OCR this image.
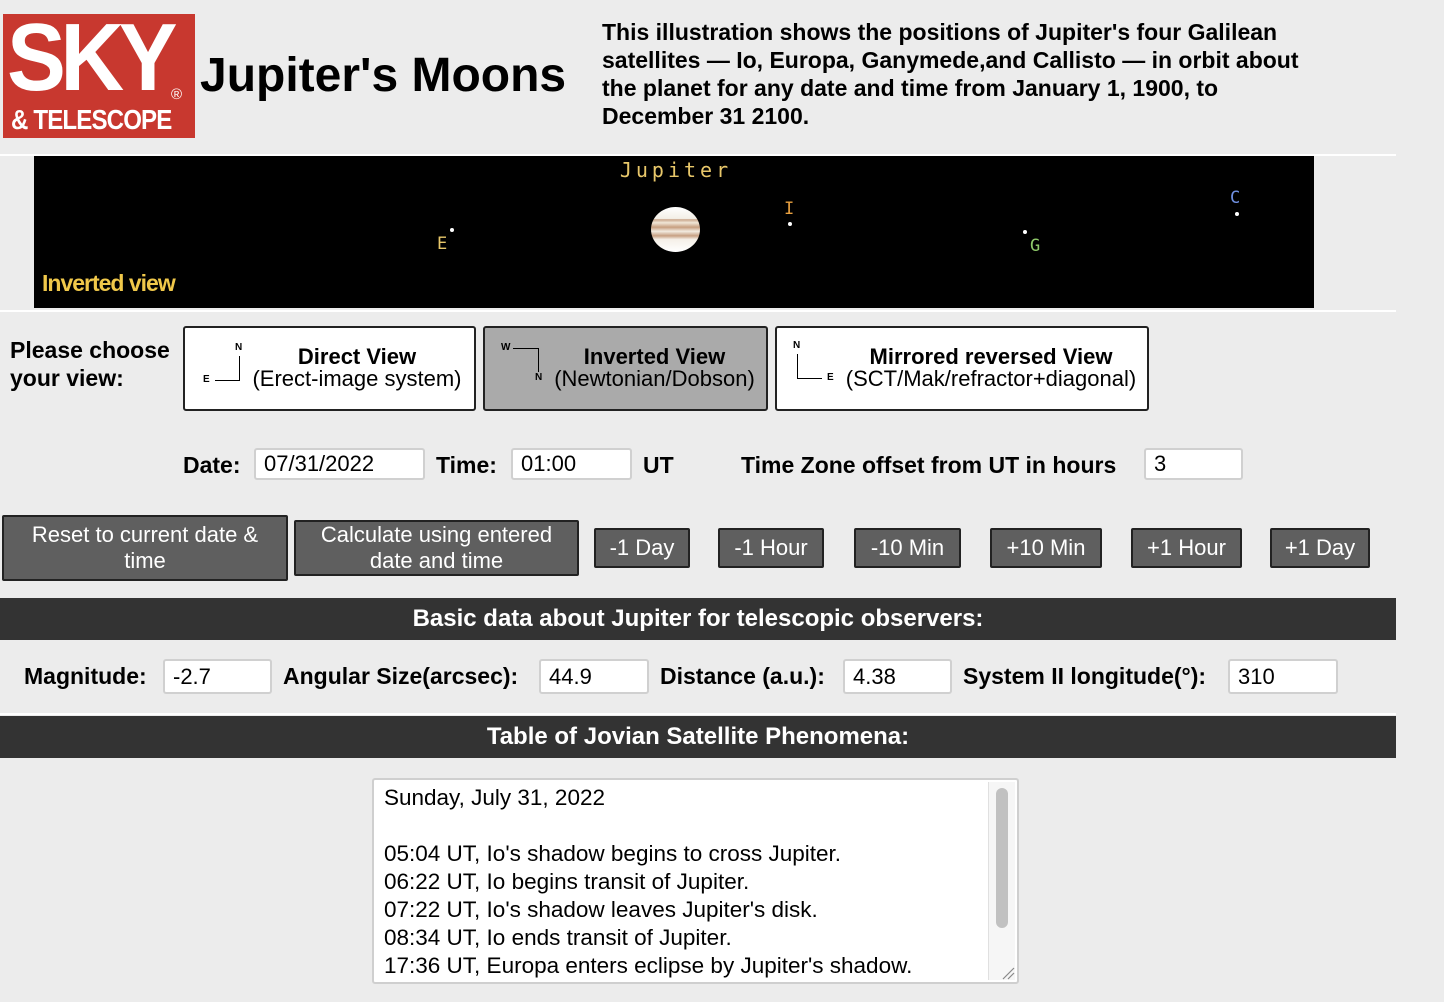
SKY
®
& TELESCOPE
Jupiter's Moons
This illustration shows the positions of Jupiter's four Galilean satellites — Io, Europa, Ganymede,and Callisto — in orbit about the planet for any date and time from January 1, 1900, to December 31 2100.
Jupiter
E
I
G
C
Inverted view
Please choose
your view:
N
E
Direct View
(Erect-image system)
W
N
Inverted View
(Newtonian/Dobson)
N
E
Mirrored reversed View
(SCT/Mak/refractor+diagonal)
Date:
07/31/2022	Time:
01:00	UT	Time Zone offset from UT in hours
3
Reset to current date & time
Calculate using entered date and time
-1 Day	-1 Hour	-10 Min	+10 Min	+1 Hour	+1 Day
Basic data about Jupiter for telescopic observers:
Magnitude:
-2.7	Angular Size(arcsec):
44.9	Distance (a.u.):
4.38	System II longitude(°):
310
Table of Jovian Satellite Phenomena:
Sunday, July 31, 2022

05:04 UT, Io's shadow begins to cross Jupiter.
06:22 UT, Io begins transit of Jupiter.
07:22 UT, Io's shadow leaves Jupiter's disk.
08:34 UT, Io ends transit of Jupiter.
17:36 UT, Europa enters eclipse by Jupiter's shadow.
